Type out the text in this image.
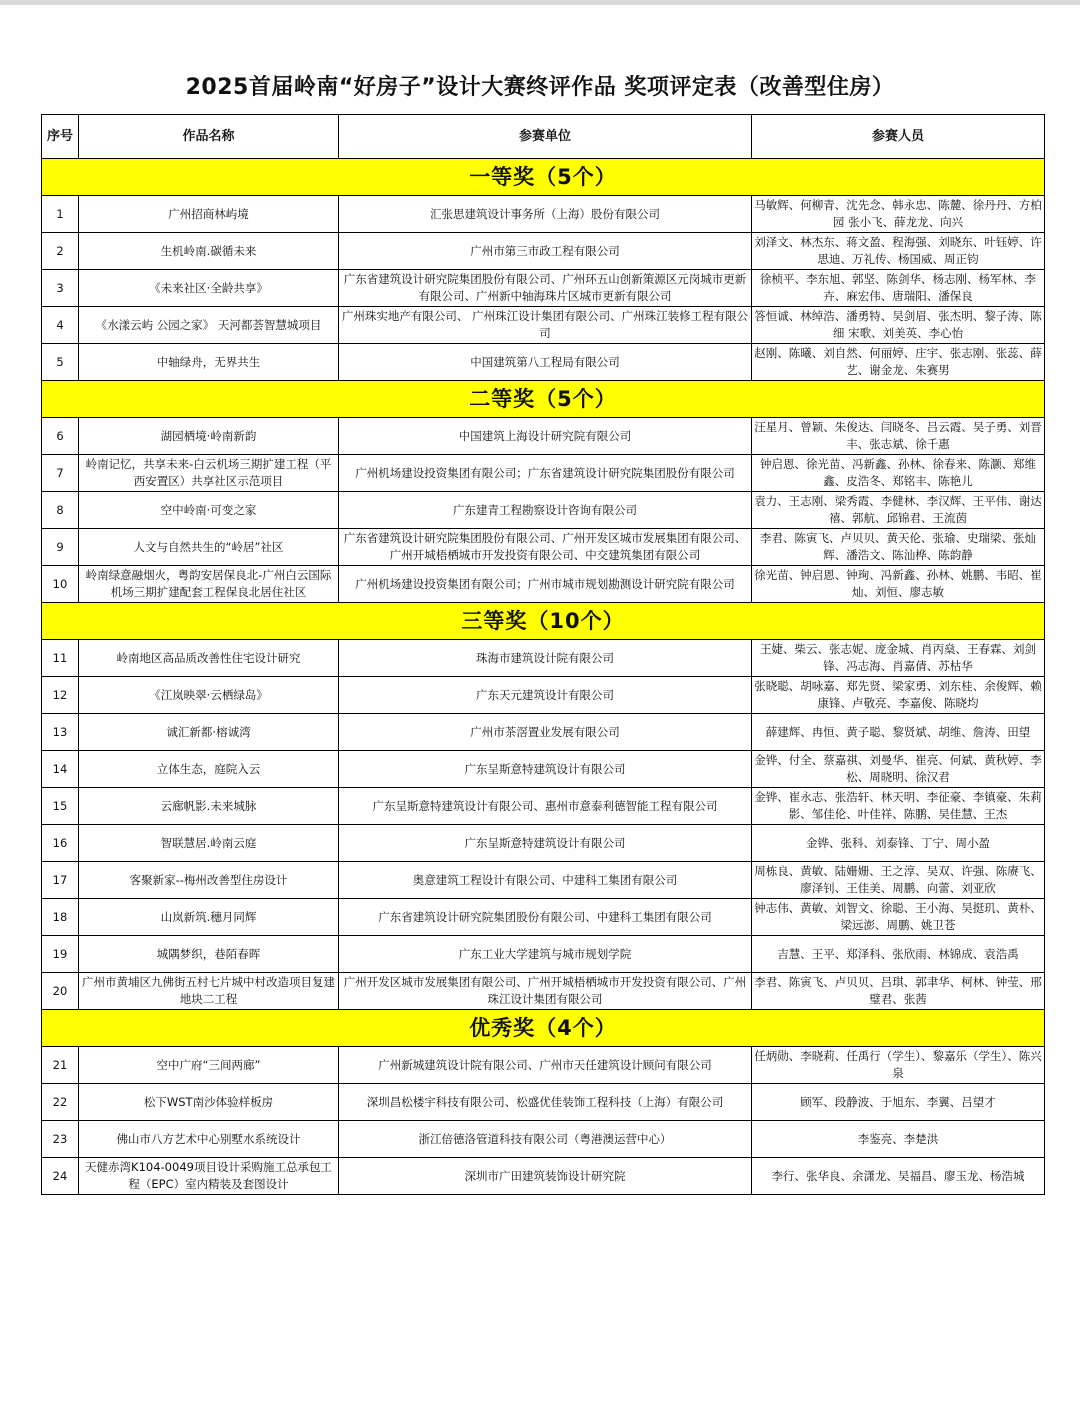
2025首届岭南“好房子”设计大赛终评作品 奖项评定表（改善型住房）
序号	作品名称	参赛单位	参赛人员
一等奖（5个）			
1	广州招商林屿境	汇张思建筑设计事务所（上海）股份有限公司	马敏辉、何柳青、沈先念、韩永忠、陈麓、徐丹丹、方柏园 张小飞、薛龙龙、向兴
2	生机岭南.碳循未来	广州市第三市政工程有限公司	刘泽文、林杰东、蒋文盈、程海强、刘晓东、叶钰婷、许思迪、万礼传、杨国威、周正钧
3	《未来社区·全龄共享》	广东省建筑设计研究院集团股份有限公司、广州环五山创新策源区元岗城市更新有限公司、广州新中轴海珠片区城市更新有限公司	徐桢平、李东旭、郭坚、陈剑华、杨志刚、杨军林、李卉、麻宏伟、唐瑞阳、潘保良
4	《水漾云屿 公园之家》 天河都荟智慧城项目	广州珠实地产有限公司、 广州珠江设计集团有限公司、广州珠江装修工程有限公司	答恒诚、林绰浩、潘勇特、吴剑眉、张杰明、黎子涛、陈细 宋歌、刘美英、李心怡
5	中轴绿舟，无界共生	中国建筑第八工程局有限公司	赵刚、陈曦、刘自然、何丽婷、庄宇、张志刚、张蕊、薛艺、谢金龙、朱赛男
二等奖（5个）			
6	湖园栖境·岭南新韵	中国建筑上海设计研究院有限公司	汪星月、曾颖、朱俊达、闫晓冬、吕云霞、吴子勇、刘晋丰、张志斌、徐千惠
7	岭南记忆，共享未来-白云机场三期扩建工程（平西安置区）共享社区示范项目	广州机场建设投资集团有限公司；广东省建筑设计研究院集团股份有限公司	钟启恩、徐光苗、冯新鑫、孙林、徐春来、陈灏、郑维鑫、皮浩冬、郑铭丰、陈艳儿
8	空中岭南·可变之家	广东建青工程勘察设计咨询有限公司	袁力、王志刚、梁秀霞、李健林、李汉辉、王平伟、谢达禧、郭航、邱锦君、王流茵
9	人文与自然共生的“岭居”社区	广东省建筑设计研究院集团股份有限公司、广州开发区城市发展集团有限公司、广州开城梧栖城市开发投资有限公司、中交建筑集团有限公司	李君、陈寅飞、卢贝贝、黄天伦、张瑜、史瑞梁、张灿辉、潘浩文、陈汕桦、陈韵静
10	岭南绿意融烟火，粤韵安居保良北-广州白云国际机场三期扩建配套工程保良北居住社区	广州机场建设投资集团有限公司；广州市城市规划勘测设计研究院有限公司	徐光苗、钟启恩、钟珣、冯新鑫、孙林、姚鹏、韦昭、崔灿、刘恒、廖志敏
三等奖（10个）			
11	岭南地区高品质改善性住宅设计研究	珠海市建筑设计院有限公司	王婕、柴云、张志妮、庞金城、肖丙燊、王春霖、刘剑锋、冯志海、肖嘉倩、苏枯华
12	《江岚映翠·云栖绿岛》	广东天元建筑设计有限公司	张晓聪、胡咏嘉、郑先贤、梁家勇、刘东桂、余俊辉、赖康锋、卢敬亮、李嘉俊、陈晓均
13	诚汇新都·榕诚湾	广州市茶滘置业发展有限公司	薛建辉、冉恒、黄子聪、黎贤斌、胡维、詹涛、田望
14	立体生态，庭院入云	广东呈斯意特建筑设计有限公司	金铧、付全、蔡嘉祺、刘曼华、崔亮、何斌、黄秋婷、李松、周晓明、徐汉君
15	云廊帆影.未来城脉	广东呈斯意特建筑设计有限公司、惠州市意泰利德智能工程有限公司	金铧、崔永志、张浩轩、林天明、李征豪、李镇豪、朱莉影、邹佳伦、叶佳祥、陈鹏、吴佳慧、王杰
16	智联慧居.岭南云庭	广东呈斯意特建筑设计有限公司	金铧、张科、刘泰锋、丁宁、周小盈
17	客聚新家--梅州改善型住房设计	奥意建筑工程设计有限公司、中建科工集团有限公司	周栋良、黄敏、陆姗姗、王之淳、吴双、许强、陈赓飞、廖泽钊、王佳美、周鹏、向蕾、刘亚欣
18	山岚新筑.穗月同辉	广东省建筑设计研究院集团股份有限公司、中建科工集团有限公司	钟志伟、黄敏、刘智文、徐聪、王小海、吴挺玑、黄朴、梁远澎、周鹏、姚卫苍
19	城隅梦织，巷陌春晖	广东工业大学建筑与城市规划学院	吉慧、王平、郑泽科、张欣雨、林锦成、袁浩禹
20	广州市黄埔区九佛街五村七片城中村改造项目复建地块二工程	广州开发区城市发展集团有限公司、广州开城梧栖城市开发投资有限公司、广州珠江设计集团有限公司	李君、陈寅飞、卢贝贝、吕琪、郭聿华、柯林、钟莹、邢璧君、张茜
优秀奖（4个）			
21	空中广府“三间两廊”	广州新城建筑设计院有限公司、广州市天任建筑设计顾问有限公司	任炳勋、李晓莉、任禹行（学生）、黎嘉乐（学生）、陈兴泉
22	松下WST南沙体验样板房	深圳昌松楼宇科技有限公司、松盛优佳装饰工程科技（上海）有限公司	顾军、段静波、于旭东、李翼、吕望才
23	佛山市八方艺术中心别墅水系统设计	浙江倍德洛管道科技有限公司（粤港澳运营中心）	李鉴亮、李楚洪
24	天健赤湾K104-0049项目设计采购施工总承包工程（EPC）室内精装及套图设计	深圳市广田建筑装饰设计研究院	李行、张华良、余潇龙、吴福昌、廖玉龙、杨浩城
